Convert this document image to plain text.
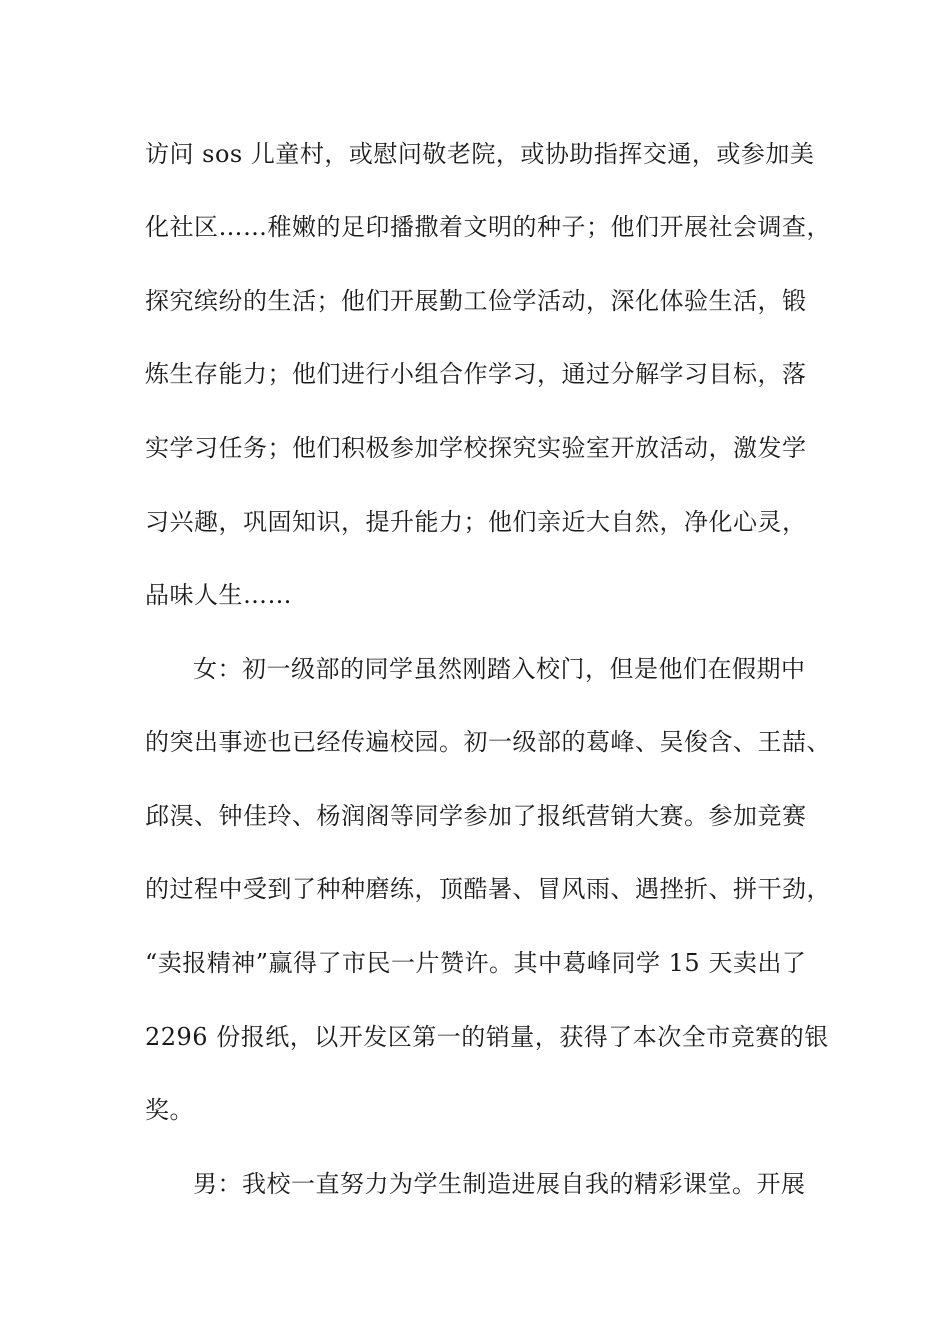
访问 sos 儿童村，或慰问敬老院，或协助指挥交通，或参加美
化社区……稚嫩的足印播撒着文明的种子；他们开展社会调查，
探究缤纷的生活；他们开展勤工俭学活动，深化体验生活，锻
炼生存能力；他们进行小组合作学习，通过分解学习目标，落
实学习任务；他们积极参加学校探究实验室开放活动，激发学
习兴趣，巩固知识，提升能力；他们亲近大自然，净化心灵，
品味人生……
女：初一级部的同学虽然刚踏入校门，但是他们在假期中
的突出事迹也已经传遍校园。初一级部的葛峰、吴俊含、王喆、
邱淏、钟佳玲、杨润阁等同学参加了报纸营销大赛。参加竞赛
的过程中受到了种种磨练，顶酷暑、冒风雨、遇挫折、拼干劲，
“卖报精神”赢得了市民一片赞许。其中葛峰同学 15 天卖出了
2296 份报纸，以开发区第一的销量，获得了本次全市竞赛的银
奖。
男：我校一直努力为学生制造进展自我的精彩课堂。开展
